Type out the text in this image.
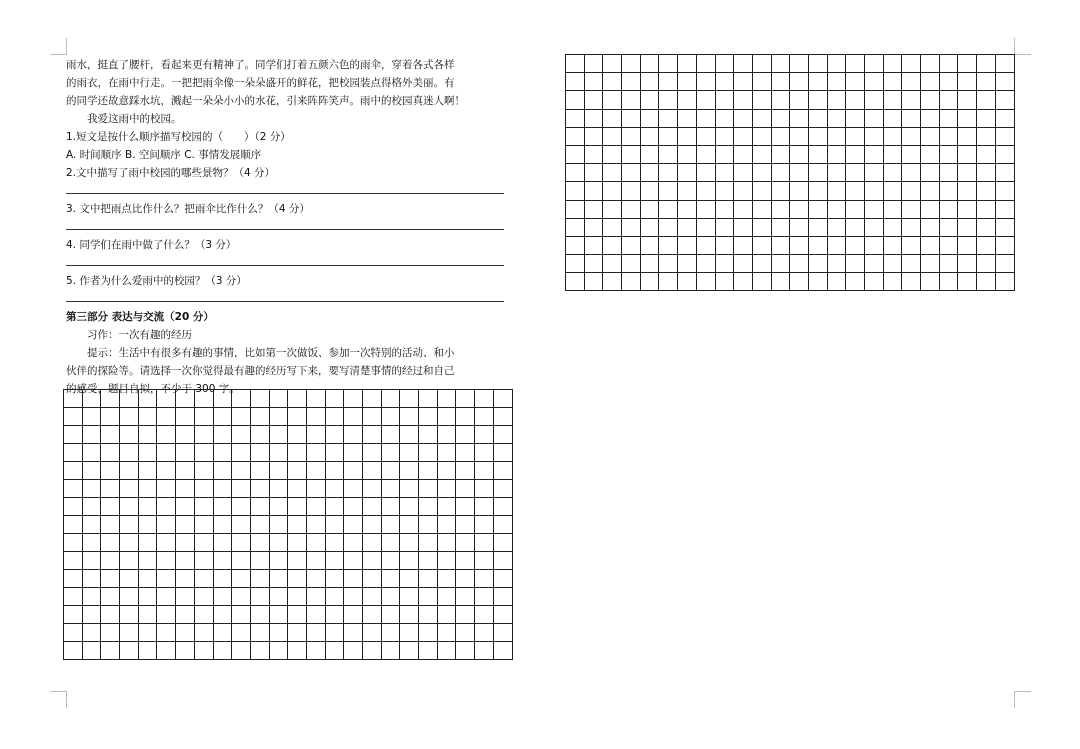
雨水，挺直了腰杆，看起来更有精神了。同学们打着五颜六色的雨伞，穿着各式各样

的雨衣，在雨中行走。一把把雨伞像一朵朵盛开的鲜花，把校园装点得格外美丽。有

的同学还故意踩水坑，溅起一朵朵小小的水花，引来阵阵笑声。雨中的校园真迷人啊！

我爱这雨中的校园。

1.短文是按什么顺序描写校园的（　　）（2 分）

A. 时间顺序 B. 空间顺序 C. 事情发展顺序

2.文中描写了雨中校园的哪些景物？（4 分）

3. 文中把雨点比作什么？把雨伞比作什么？（4 分）

4. 同学们在雨中做了什么？（3 分）

5. 作者为什么爱雨中的校园？（3 分）

第三部分 表达与交流（20 分）

习作：一次有趣的经历

提示：生活中有很多有趣的事情，比如第一次做饭、参加一次特别的活动、和小

伙伴的探险等。请选择一次你觉得最有趣的经历写下来，要写清楚事情的经过和自己

的感受，题目自拟，不少于 300 字。
